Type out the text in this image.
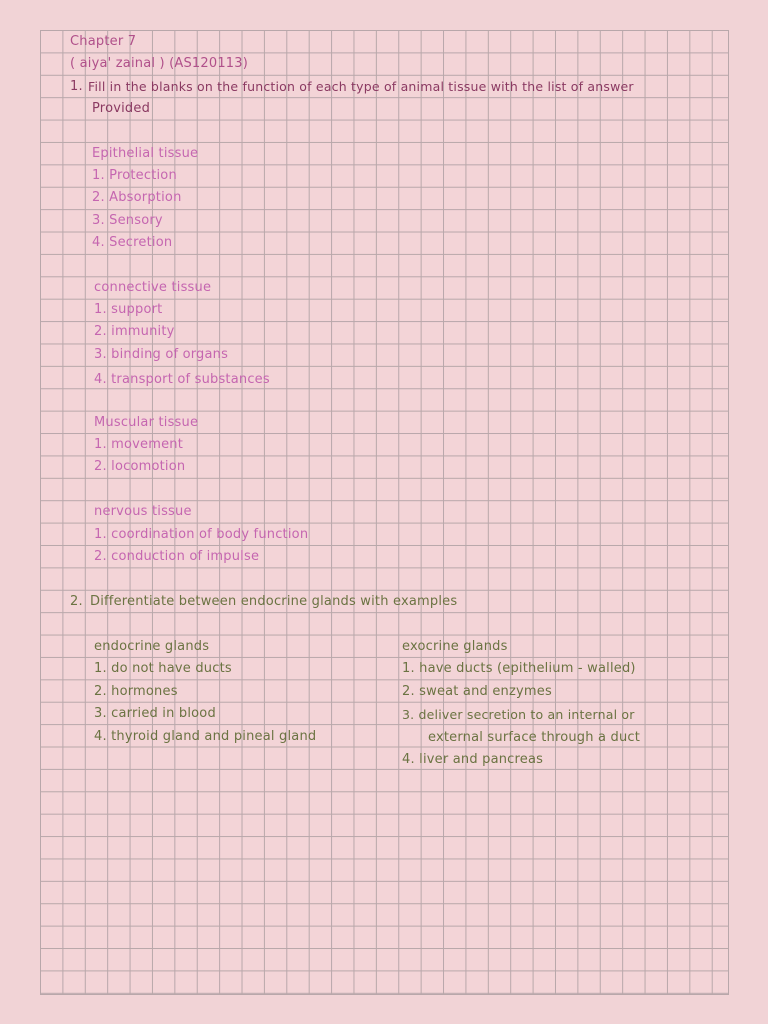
Chapter 7
( aiya' zainal ) (AS120113)
1. Fill in the blanks on the function of each type of animal tissue with the list of answer
Provided
Epithelial tissue
1. Protection
2. Absorption
3. Sensory
4. Secretion
connective tissue
1. support
2. immunity
3. binding of organs
4. transport of substances
Muscular tissue
1. movement
2. locomotion
nervous tissue
1. coordination of body function
2. conduction of impulse
2. Differentiate between endocrine glands with examples
endocrine glands
1. do not have ducts
2. hormones
3. carried in blood
4. thyroid gland and pineal gland
exocrine glands
1. have ducts (epithelium - walled)
2. sweat and enzymes
3. deliver secretion to an internal or
external surface through a duct
4. liver and pancreas
